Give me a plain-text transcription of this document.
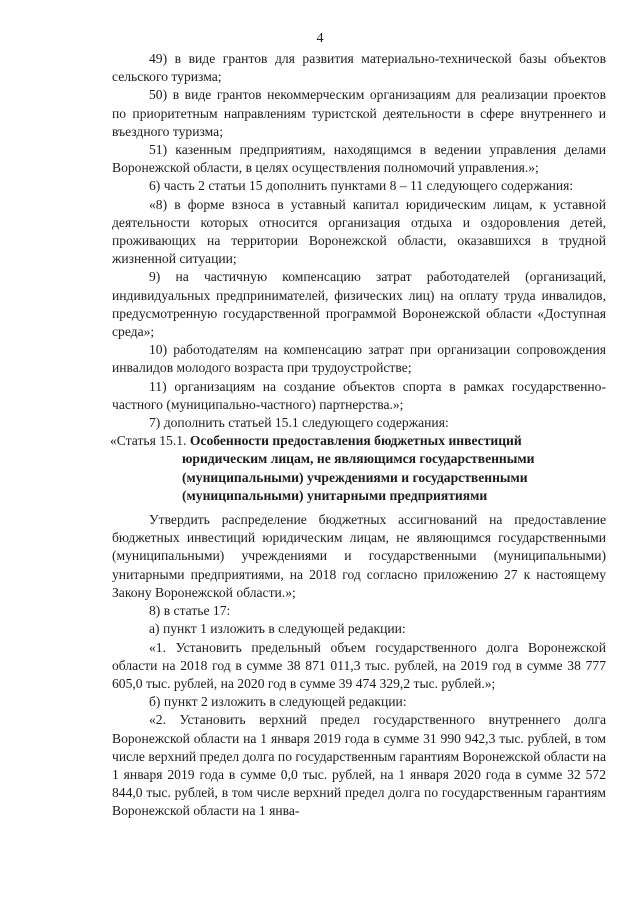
4

49) в виде грантов для развития материально-технической базы объектов сельского туризма;

50) в виде грантов некоммерческим организациям для реализации проектов по приоритетным направлениям туристской деятельности в сфере внутреннего и въездного туризма;

51) казенным предприятиям, находящимся в ведении управления делами Воронежской области, в целях осуществления полномочий управления.»;

6) часть 2 статьи 15 дополнить пунктами 8 – 11 следующего содержания:

«8) в форме взноса в уставный капитал юридическим лицам, к уставной деятельности которых относится организация отдыха и оздоровления детей, проживающих на территории Воронежской области, оказавшихся в трудной жизненной ситуации;

9) на частичную компенсацию затрат работодателей (организаций, индивидуальных предпринимателей, физических лиц) на оплату труда инвалидов, предусмотренную государственной программой Воронежской области «Доступная среда»;

10) работодателям на компенсацию затрат при организации сопровождения инвалидов молодого возраста при трудоустройстве;

11) организациям на создание объектов спорта в рамках государственно-частного (муниципально-частного) партнерства.»;

7) дополнить статьей 15.1 следующего содержания:

«Статья 15.1. Особенности предоставления бюджетных инвестиций юридическим лицам, не являющимся государственными (муниципальными) учреждениями и государственными (муниципальными) унитарными предприятиями

Утвердить распределение бюджетных ассигнований на предоставление бюджетных инвестиций юридическим лицам, не являющимся государственными (муниципальными) учреждениями и государственными (муниципальными) унитарными предприятиями, на 2018 год согласно приложению 27 к настоящему Закону Воронежской области.»;

8) в статье 17:

а) пункт 1 изложить в следующей редакции:

«1. Установить предельный объем государственного долга Воронежской области на 2018 год в сумме 38 871 011,3 тыс. рублей, на 2019 год в сумме 38 777 605,0 тыс. рублей, на 2020 год в сумме 39 474 329,2 тыс. рублей.»;

б) пункт 2 изложить в следующей редакции:

«2. Установить верхний предел государственного внутреннего долга Воронежской области на 1 января 2019 года в сумме 31 990 942,3 тыс. рублей, в том числе верхний предел долга по государственным гарантиям Воронежской области на 1 января 2019 года в сумме 0,0 тыс. рублей, на 1 января 2020 года в сумме 32 572 844,0 тыс. рублей, в том числе верхний предел долга по государственным гарантиям Воронежской области на 1 янва-
